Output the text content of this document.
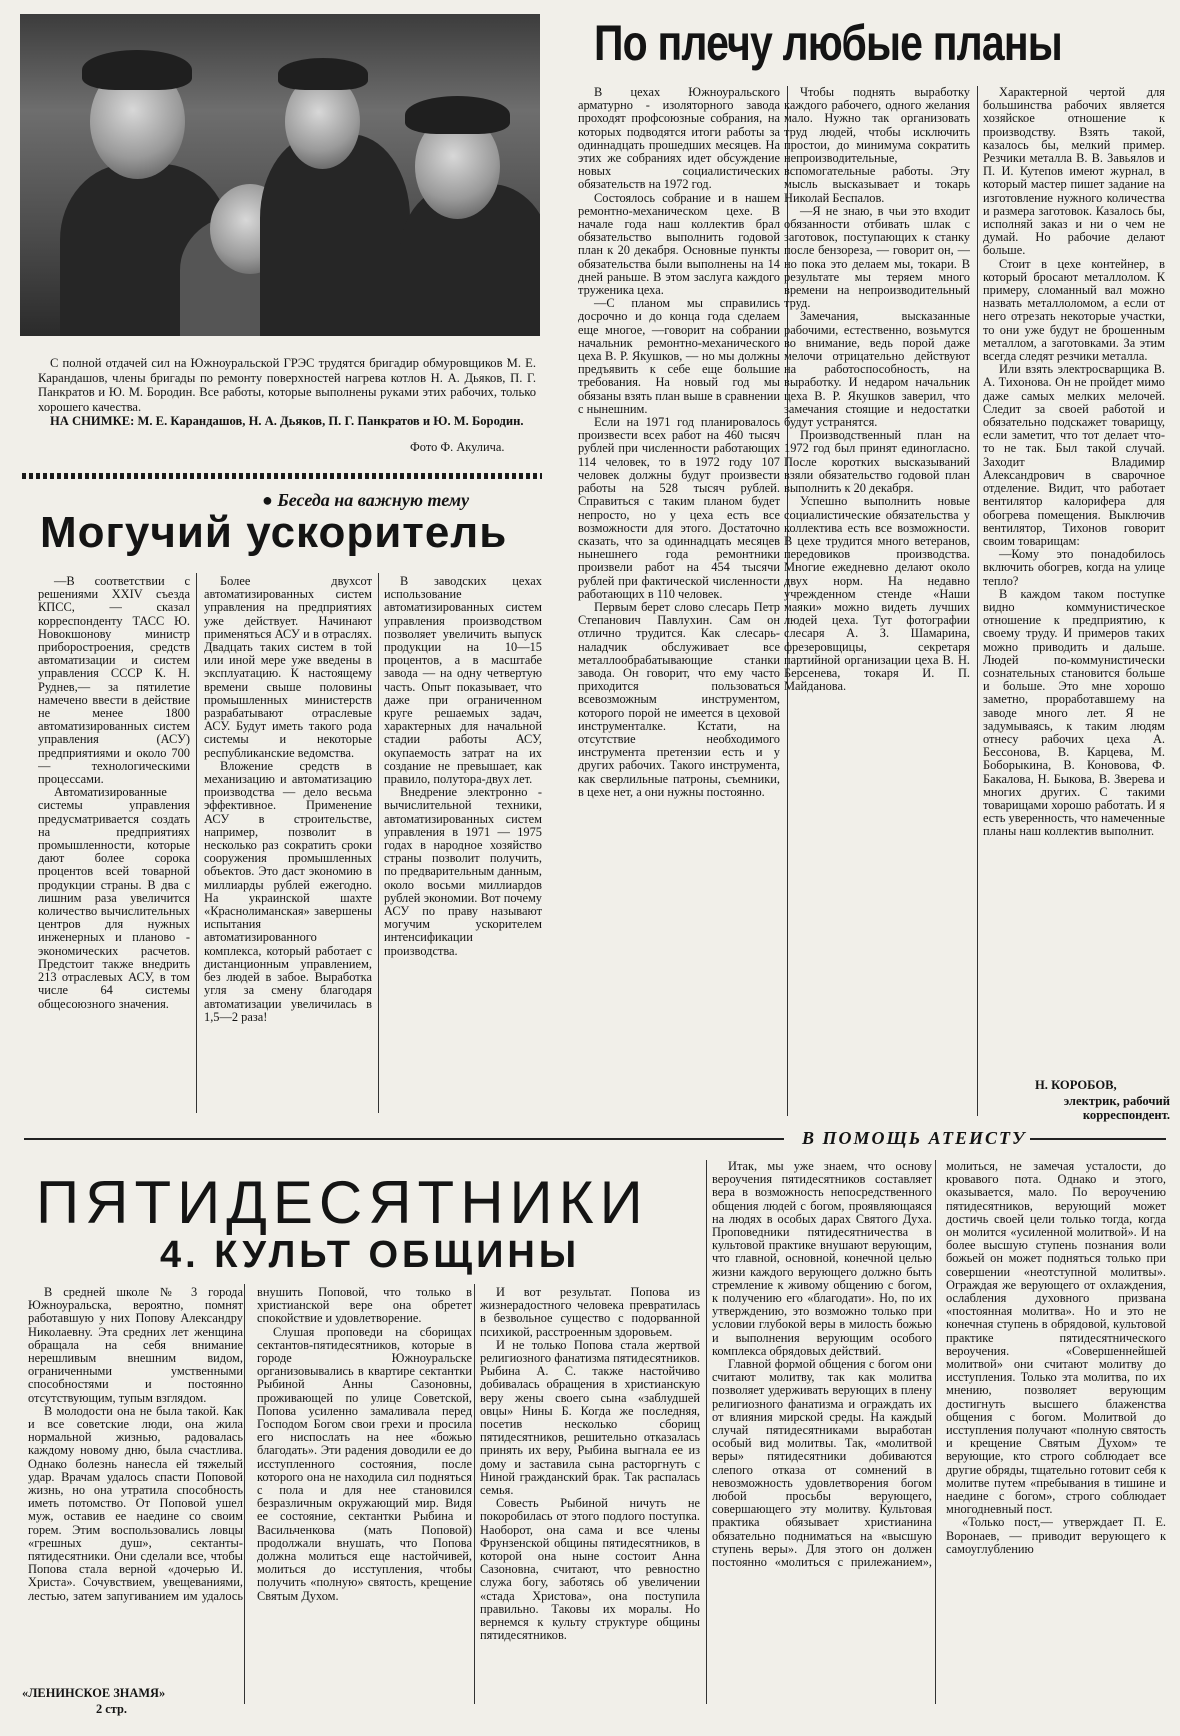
С полной отдачей сил на Южноуральской ГРЭС трудятся бригадир обмуровщиков М. Е. Карандашов, члены бригады по ремонту поверхностей нагрева котлов Н. А. Дьяков, П. Г. Панкратов и Ю. М. Бородин. Все работы, которые выполнены руками этих рабочих, только хорошего качества.

НА СНИМКЕ: М. Е. Карандашов, Н. А. Дьяков, П. Г. Панкратов и Ю. М. Бородин.

Фото Ф. Акулича.
По плечу любые планы

В цехах Южноуральского арматурно - изоляторного завода проходят профсоюзные собрания, на которых подводятся итоги работы за одиннадцать прошедших месяцев. На этих же собраниях идет обсуждение новых социалистических обязательств на 1972 год.

Состоялось собрание и в нашем ремонтно-механическом цехе. В начале года наш коллектив брал обязательство выполнить годовой план к 20 декабря. Основные пункты обязательства были выполнены на 14 дней раньше. В этом заслуга каждого труженика цеха.

—С планом мы справились досрочно и до конца года сделаем еще многое, —говорит на собрании начальник ремонтно-механического цеха В. Р. Якушков, — но мы должны предъявить к себе еще большие требования. На новый год мы обязаны взять план выше в сравнении с нынешним.

Если на 1971 год планировалось произвести всех работ на 460 тысяч рублей при численности работающих 114 человек, то в 1972 году 107 человек должны будут произвести работы на 528 тысяч рублей. Справиться с таким планом будет непросто, но у цеха есть все возможности для этого. Достаточно сказать, что за одиннадцать месяцев нынешнего года ремонтники произвели работ на 454 тысячи рублей при фактической численности работающих в 110 человек.

Первым берет слово слесарь Петр Степанович Павлухин. Сам он отлично трудится. Как слесарь-наладчик обслуживает все металлообрабатывающие станки завода. Он говорит, что ему часто приходится пользоваться всевозможным инструментом, которого порой не имеется в цеховой инструменталке. Кстати, на отсутствие необходимого инструмента претензии есть и у других рабочих. Такого инструмента, как сверлильные патроны, съемники, в цехе нет, а они нужны постоянно.

Чтобы поднять выработку каждого рабочего, одного желания мало. Нужно так организовать труд людей, чтобы исключить простои, до минимума сократить непроизводительные, вспомогательные работы. Эту мысль высказывает и токарь Николай Беспалов.

—Я не знаю, в чьи это входит обязанности отбивать шлак с заготовок, поступающих к станку после бензореза, — говорит он, — но пока это делаем мы, токари. В результате мы теряем много времени на непроизводительный труд.

Замечания, высказанные рабочими, естественно, возьмутся во внимание, ведь порой даже мелочи отрицательно действуют на работоспособность, на выработку. И недаром начальник цеха В. Р. Якушков заверил, что замечания стоящие и недостатки будут устранятся.

Производственный план на 1972 год был принят единогласно. После коротких высказываний взяли обязательство годовой план выполнить к 20 декабря.

Успешно выполнить новые социалистические обязательства у коллектива есть все возможности. В цехе трудится много ветеранов, передовиков производства. Многие ежедневно делают около двух норм. На недавно учрежденном стенде «Наши маяки» можно видеть лучших людей цеха. Тут фотографии слесаря А. З. Шамарина, фрезеровщицы, секретаря партийной организации цеха В. Н. Берсенева, токаря И. П. Майданова.

Характерной чертой для большинства рабочих является хозяйское отношение к производству. Взять такой, казалось бы, мелкий пример. Резчики металла В. В. Завьялов и П. И. Кутепов имеют журнал, в который мастер пишет задание на изготовление нужного количества и размера заготовок. Казалось бы, исполняй заказ и ни о чем не думай. Но рабочие делают больше.

Стоит в цехе контейнер, в который бросают металлолом. К примеру, сломанный вал можно назвать металлоломом, а если от него отрезать некоторые участки, то они уже будут не брошенным металлом, а заготовками. За этим всегда следят резчики металла.

Или взять электросварщика В. А. Тихонова. Он не пройдет мимо даже самых мелких мелочей. Следит за своей работой и обязательно подскажет товарищу, если заметит, что тот делает что-то не так. Был такой случай. Заходит Владимир Александрович в сварочное отделение. Видит, что работает вентилятор калорифера для обогрева помещения. Выключив вентилятор, Тихонов говорит своим товарищам:

—Кому это понадобилось включить обогрев, когда на улице тепло?

В каждом таком поступке видно коммунистическое отношение к предприятию, к своему труду. И примеров таких можно приводить и дальше. Людей по-коммунистически сознательных становится больше и больше. Это мне хорошо заметно, проработавшему на заводе много лет. Я не задумываясь, к таким людям отнесу рабочих цеха А. Бессонова, В. Карцева, М. Боборыкина, В. Коновова, Ф. Бакалова, Н. Быкова, В. Зверева и многих других. С такими товарищами хорошо работать. И я есть уверенность, что намеченные планы наш коллектив выполнит.

Н. КОРОБОВ,
электрик, рабочий корреспондент.
● Беседа на важную тему
Могучий ускоритель

—В соответствии с решениями XXIV съезда КПСС, — сказал корреспонденту ТАСС Ю. Новокшонову министр приборостроения, средств автоматизации и систем управления СССР К. Н. Руднев,— за пятилетие намечено ввести в действие не менее 1800 автоматизированных систем управления (АСУ) предприятиями и около 700 — технологическими процессами.

Автоматизированные системы управления предусматривается создать на предприятиях промышленности, которые дают более сорока процентов всей товарной продукции страны. В два с лишним раза увеличится количество вычислительных центров для нужных инженерных и планово - экономических расчетов. Предстоит также внедрить 213 отраслевых АСУ, в том числе 64 системы общесоюзного значения.

Более двухсот автоматизированных систем управления на предприятиях уже действует. Начинают применяться АСУ и в отраслях. Двадцать таких систем в той или иной мере уже введены в эксплуатацию. К настоящему времени свыше половины промышленных министерств разрабатывают отраслевые АСУ. Будут иметь такого рода системы и некоторые республиканские ведомства.

Вложение средств в механизацию и автоматизацию производства — дело весьма эффективное. Применение АСУ в строительстве, например, позволит в несколько раз сократить сроки сооружения промышленных объектов. Это даст экономию в миллиарды рублей ежегодно. На украинской шахте «Краснолиманская» завершены испытания автоматизированного комплекса, который работает с дистанционным управлением, без людей в забое. Выработка угля за смену благодаря автоматизации увеличилась в 1,5—2 раза!

В заводских цехах использование автоматизированных систем управления производством позволяет увеличить выпуск продукции на 10—15 процентов, а в масштабе завода — на одну четвертую часть. Опыт показывает, что даже при ограниченном круге решаемых задач, характерных для начальной стадии работы АСУ, окупаемость затрат на их создание не превышает, как правило, полутора-двух лет.

Внедрение электронно - вычислительной техники, автоматизированных систем управления в 1971 — 1975 годах в народное хозяйство страны позволит получить, по предварительным данным, около восьми миллиардов рублей экономии. Вот почему АСУ по праву называют могучим ускорителем интенсификации производства.

В ПОМОЩЬ АТЕИСТУ
ПЯТИДЕСЯТНИКИ
4. КУЛЬТ ОБЩИНЫ

В средней школе № 3 города Южноуральска, вероятно, помнят работавшую у них Попову Александру Николаевну. Эта средних лет женщина обращала на себя внимание нерешливым внешним видом, ограниченными умственными способностями и постоянно отсутствующим, тупым взглядом.

В молодости она не была такой. Как и все советские люди, она жила нормальной жизнью, радовалась каждому новому дню, была счастлива. Однако болезнь нанесла ей тяжелый удар. Врачам удалось спасти Поповой жизнь, но она утратила способность иметь потомство. От Поповой ушел муж, оставив ее наедине со своим горем. Этим воспользовались ловцы «грешных душ», сектанты-пятидесятники. Они сделали все, чтобы Попова стала верной «дочерью И. Христа». Сочувствием, увещеваниями, лестью, затем запугиванием им удалось внушить Поповой, что только в христианской вере она обретет спокойствие и удовлетворение.

Слушая проповеди на сборищах сектантов-пятидесятников, которые в городе Южноуральске организовывались в квартире сектантки Рыбиной Анны Сазоновны, проживающей по улице Советской, Попова усиленно замаливала перед Господом Богом свои грехи и просила его ниспослать на нее «божью благодать». Эти радения доводили ее до исступленного состояния, после которого она не находила сил подняться с пола и для нее становился безразличным окружающий мир. Видя ее состояние, сектантки Рыбина и Васильченкова (мать Поповой) продолжали внушать, что Попова должна молиться еще настойчивей, молиться до исступления, чтобы получить «полную» святость, крещение Святым Духом.

И вот результат. Попова из жизнерадостного человека превратилась в безвольное существо с подорванной психикой, расстроенным здоровьем.

И не только Попова стала жертвой религиозного фанатизма пятидесятников. Рыбина А. С. также настойчиво добивалась обращения в христианскую веру жены своего сына «заблудшей овцы» Нины Б. Когда же последняя, посетив несколько сборищ пятидесятников, решительно отказалась принять их веру, Рыбина выгнала ее из дому и заставила сына расторгнуть с Ниной гражданский брак. Так распалась семья.

Совесть Рыбиной ничуть не покоробилась от этого подлого поступка. Наоборот, она сама и все члены Фрунзенской общины пятидесятников, в которой она ныне состоит Анна Сазоновна, считают, что ревностно служа богу, заботясь об увеличении «стада Христова», она поступила правильно. Таковы их моралы. Но вернемся к культу структуре общины пятидесятников.

Итак, мы уже знаем, что основу вероучения пятидесятников составляет вера в возможность непосредственного общения людей с богом, проявляющаяся на людях в особых дарах Святого Духа. Проповедники пятидесятничества в культовой практике внушают верующим, что главной, основной, конечной целью жизни каждого верующего должно быть стремление к живому общению с богом, к получению его «благодати». Но, по их утверждению, это возможно только при условии глубокой веры в милость божью и выполнения верующим особого комплекса обрядовых действий.

Главной формой общения с богом они считают молитву, так как молитва позволяет удерживать верующих в плену религиозного фанатизма и ограждать их от влияния мирской среды. На каждый случай пятидесятниками выработан особый вид молитвы. Так, «молитвой веры» пятидесятники добиваются слепого отказа от сомнений в невозможность удовлетворения богом любой просьбы верующего, совершающего эту молитву. Культовая практика обязывает христианина обязательно подниматься на «высшую ступень веры». Для этого он должен постоянно «молиться с прилежанием», молиться, не замечая усталости, до кровавого пота. Однако и этого, оказывается, мало. По вероучению пятидесятников, верующий может достичь своей цели только тогда, когда он молится «усиленной молитвой». И на более высшую ступень познания воли божьей он может подняться только при совершении «неотступной молитвы». Ограждая же верующего от охлаждения, ослабления духовного призвана «постоянная молитва». Но и это не конечная ступень в обрядовой, культовой практике пятидесятнического вероучения. «Совершеннейшей молитвой» они считают молитву до исступления. Только эта молитва, по их мнению, позволяет верующим достигнуть высшего блаженства общения с богом. Молитвой до исступления получают «полную святость и крещение Святым Духом» те верующие, кто строго соблюдает все другие обряды, тщательно готовит себя к молитве путем «пребывания в тишине и наедине с богом», строго соблюдает многодневный пост.

«Только пост,— утверждает П. Е. Воронаев, — приводит верующего к самоуглублению

«ЛЕНИНСКОЕ ЗНАМЯ»
2 стр.
